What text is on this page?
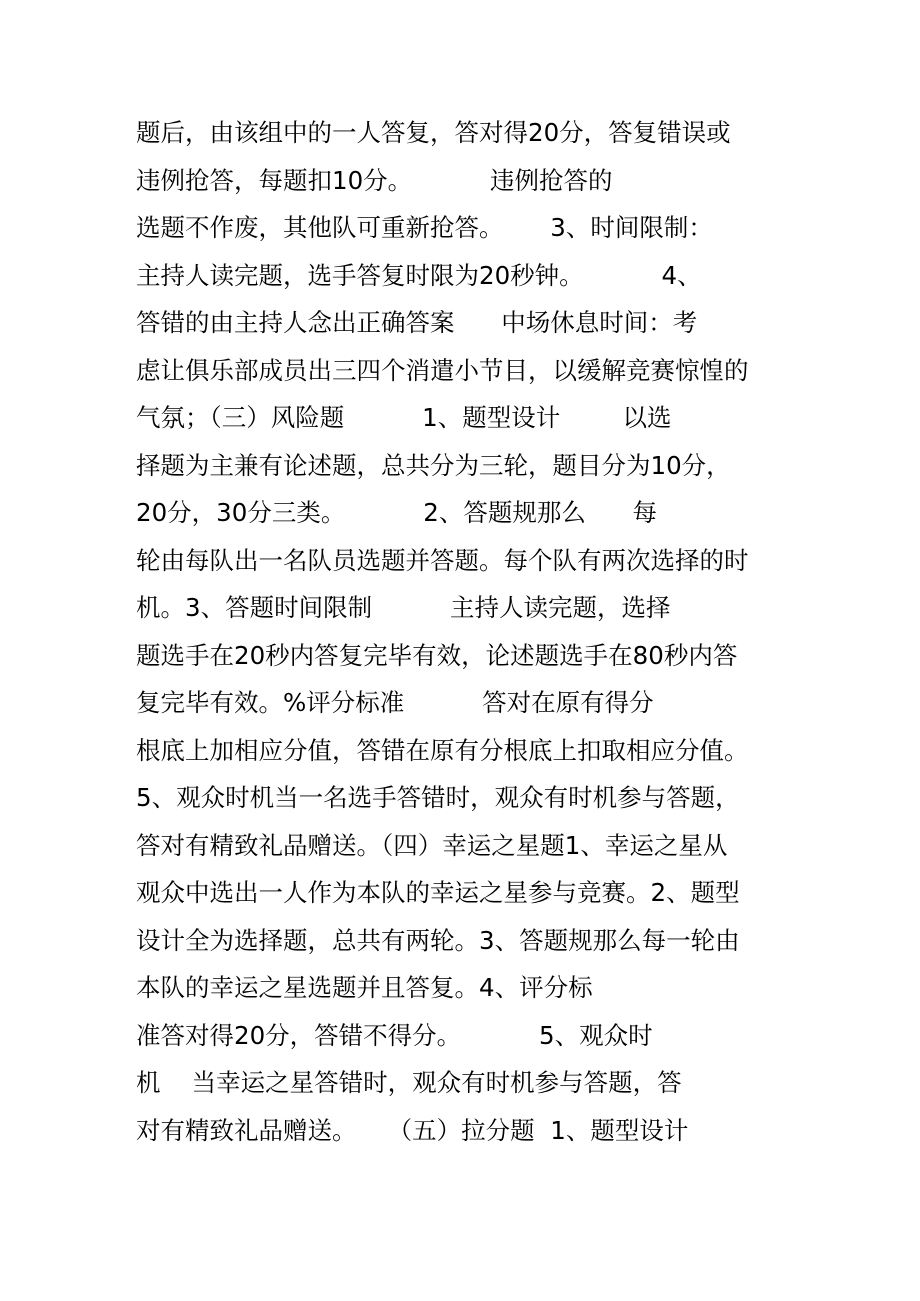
题后，由该组中的一人答复，答对得20分，答复错误或
违例抢答，每题扣10分。          违例抢答的
选题不作废，其他队可重新抢答。      3、时间限制：
主持人读完题，选手答复时限为20秒钟。          4、
答错的由主持人念出正确答案      中场休息时间：考
虑让俱乐部成员出三四个消遣小节目，以缓解竞赛惊惶的
气氛；（三）风险题          1、题型设计        以选
择题为主兼有论述题，总共分为三轮，题目分为10分，
20分，30分三类。          2、答题规那么      每
轮由每队出一名队员选题并答题。每个队有两次选择的时
机。3、答题时间限制          主持人读完题，选择
题选手在20秒内答复完毕有效，论述题选手在80秒内答
复完毕有效。%评分标准          答对在原有得分
根底上加相应分值，答错在原有分根底上扣取相应分值。
5、观众时机当一名选手答错时，观众有时机参与答题，
答对有精致礼品赠送。（四）幸运之星题1、幸运之星从
观众中选出一人作为本队的幸运之星参与竞赛。2、题型
设计全为选择题，总共有两轮。3、答题规那么每一轮由
本队的幸运之星选题并且答复。4、评分标
准答对得20分，答错不得分。          5、观众时
机    当幸运之星答错时，观众有时机参与答题，答
对有精致礼品赠送。    （五）拉分题  1、题型设计
